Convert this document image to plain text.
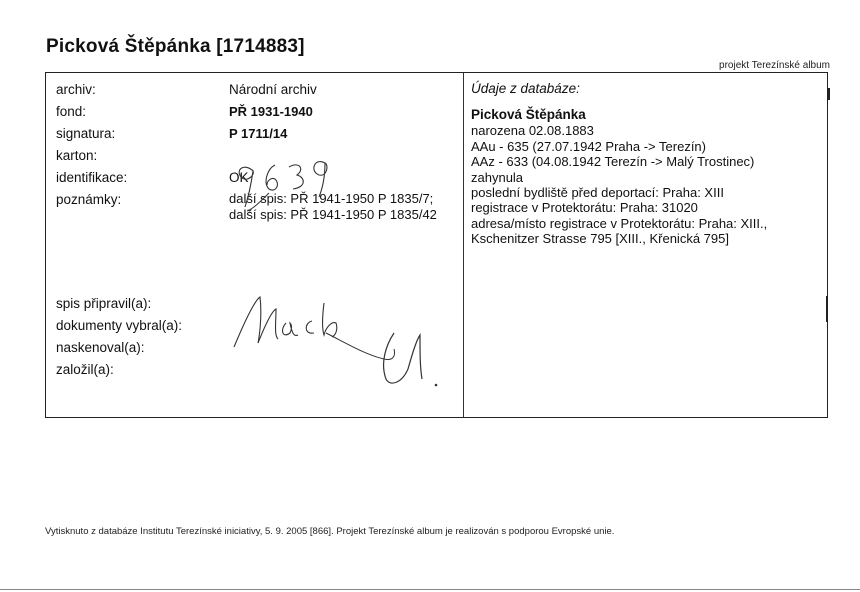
Picková Štěpánka [1714883]
projekt Terezínské album
archiv:	Národní archiv
fond:	PŘ 1931-1940
signatura:	P 1711/14
karton:
identifikace:	OK
poznámky:	další spis: PŘ 1941-1950 P 1835/7; další spis: PŘ 1941-1950 P 1835/42
spis připravil(a):
dokumenty vybral(a):
naskenoval(a):
založil(a):
Údaje z databáze:
Picková Štěpánka
narozena 02.08.1883
AAu - 635 (27.07.1942 Praha -> Terezín)
AAz - 633 (04.08.1942 Terezín -> Malý Trostinec)
zahynula
poslední bydliště před deportací: Praha: XIII
registrace v Protektorátu: Praha: 31020
adresa/místo registrace v Protektorátu: Praha: XIII., Kschenitzer Strasse 795 [XIII., Křenická 795]
Vytisknuto z databáze Institutu Terezínské iniciativy, 5. 9. 2005 [866]. Projekt Terezínské album je realizován s podporou Evropské unie.
